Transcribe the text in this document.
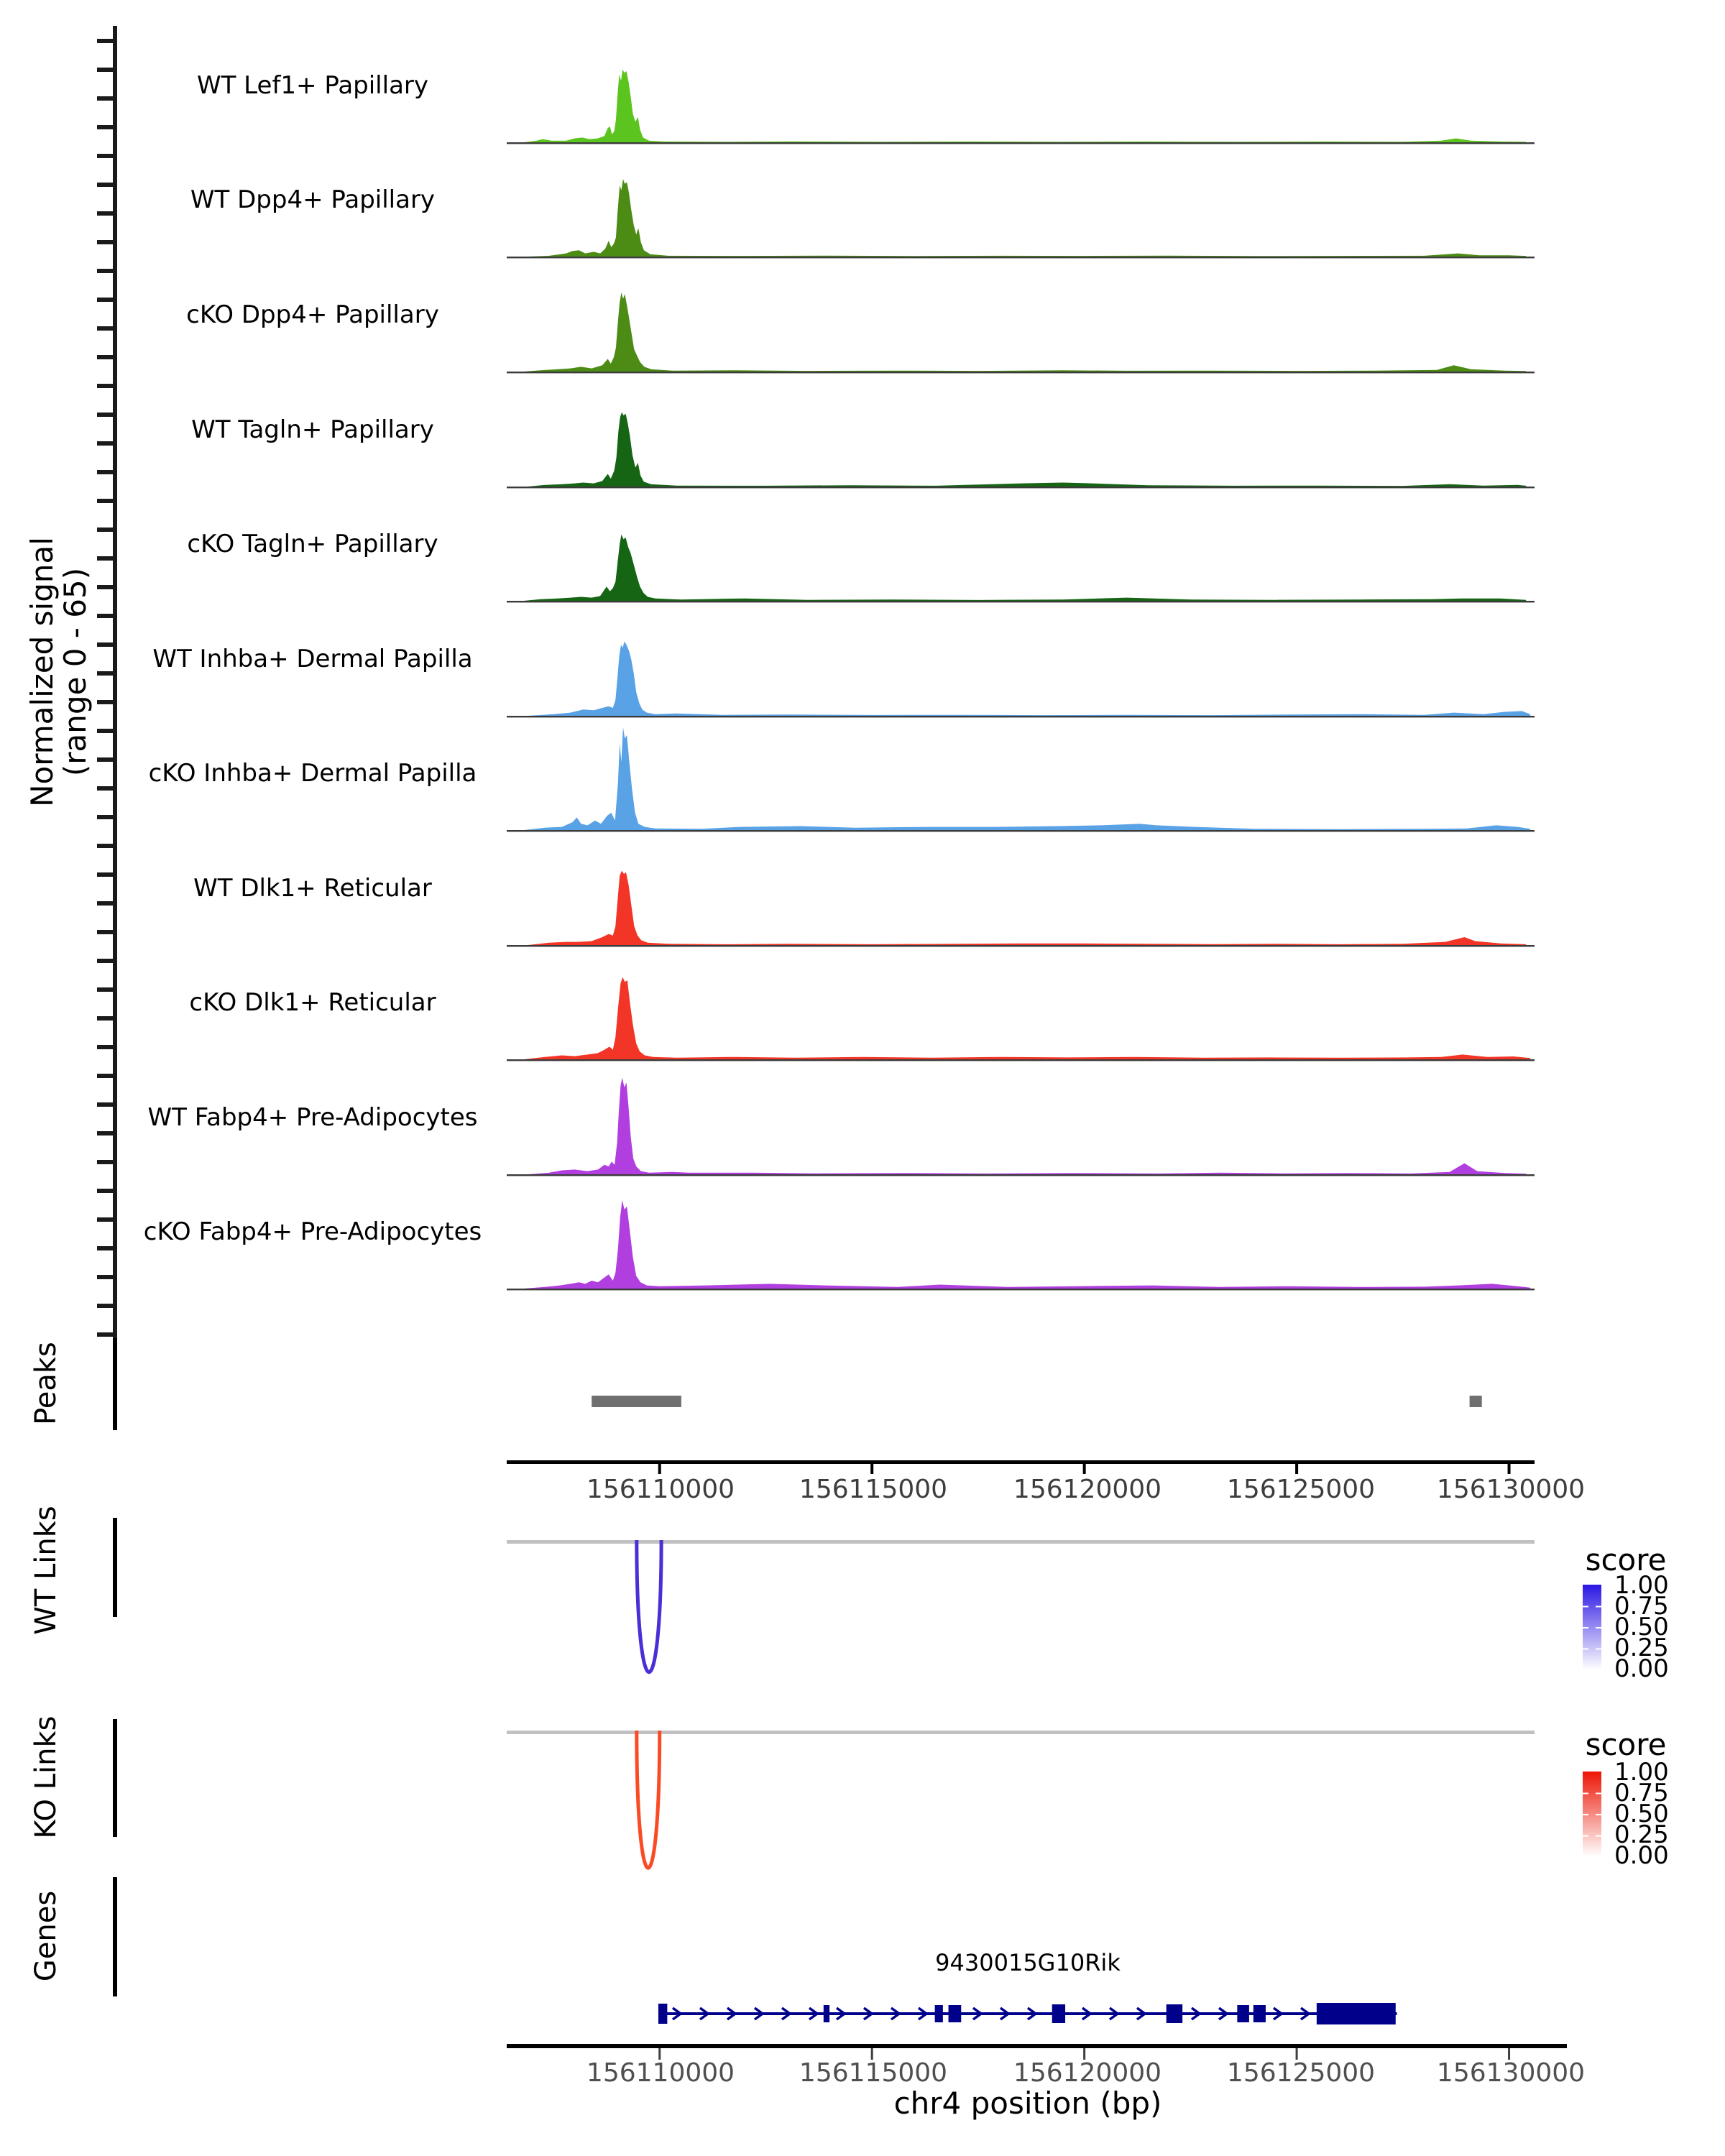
Normalized signal
(range 0 - 65)
Peaks
WT Links
KO Links
Genes
WT Lef1+ Papillary
WT Dpp4+ Papillary
cKO Dpp4+ Papillary
WT Tagln+ Papillary
cKO Tagln+ Papillary
WT Inhba+ Dermal Papilla
cKO Inhba+ Dermal Papilla
WT Dlk1+ Reticular
cKO Dlk1+ Reticular
WT Fabp4+ Pre-Adipocytes
cKO Fabp4+ Pre-Adipocytes
156110000	156115000	156120000	156125000	156130000
score
1.00
0.75
0.50
0.25
0.00
score
1.00
0.75
0.50
0.25
0.00
9430015G10Rik
156110000	156115000	156120000	156125000	156130000
chr4 position (bp)
